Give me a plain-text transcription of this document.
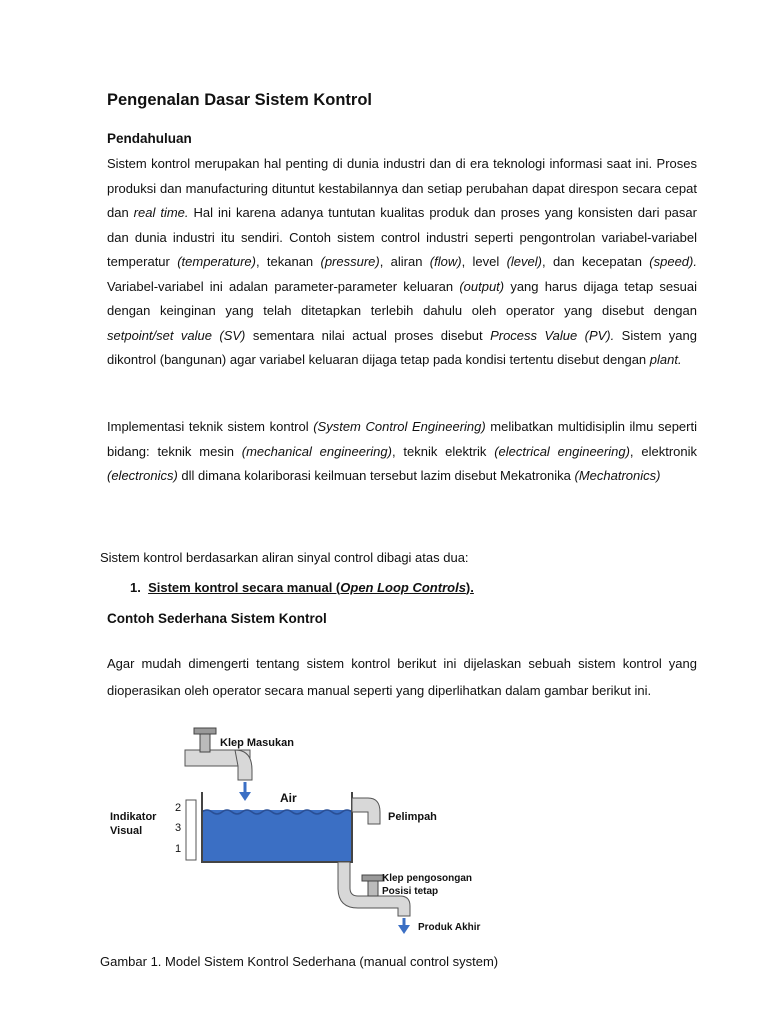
Pengenalan Dasar Sistem Kontrol
Pendahuluan
Sistem kontrol merupakan hal penting di dunia industri dan di era teknologi informasi saat ini. Proses produksi dan manufacturing dituntut kestabilannya dan setiap perubahan dapat direspon secara cepat dan real time. Hal ini karena adanya tuntutan kualitas produk dan proses yang konsisten dari pasar dan dunia industri itu sendiri. Contoh sistem control industri seperti pengontrolan variabel-variabel temperatur (temperature), tekanan (pressure), aliran (flow), level (level), dan kecepatan (speed). Variabel-variabel ini adalan parameter-parameter keluaran (output) yang harus dijaga tetap sesuai dengan keinginan yang telah ditetapkan terlebih dahulu oleh operator yang disebut dengan setpoint/set value (SV) sementara nilai actual proses disebut Process Value (PV). Sistem yang dikontrol (bangunan) agar variabel keluaran dijaga tetap pada kondisi tertentu disebut dengan plant.
Implementasi teknik sistem kontrol (System Control Engineering) melibatkan multidisiplin ilmu seperti bidang: teknik mesin (mechanical engineering), teknik elektrik (electrical engineering), elektronik (electronics) dll dimana kolariborasi keilmuan tersebut lazim disebut Mekatronika (Mechatronics)
Sistem kontrol berdasarkan aliran sinyal control dibagi atas dua:
1. Sistem kontrol secara manual (Open Loop Controls).
Contoh Sederhana Sistem Kontrol
Agar mudah dimengerti tentang sistem kontrol berikut ini dijelaskan sebuah sistem kontrol yang dioperasikan oleh operator secara manual seperti yang diperlihatkan dalam gambar berikut ini.
Klep Masukan
Air
2
3
1
Indikator
Visual
Pelimpah
Klep pengosongan
Posisi tetap
Produk Akhir
Gambar 1. Model Sistem Kontrol Sederhana (manual control system)
